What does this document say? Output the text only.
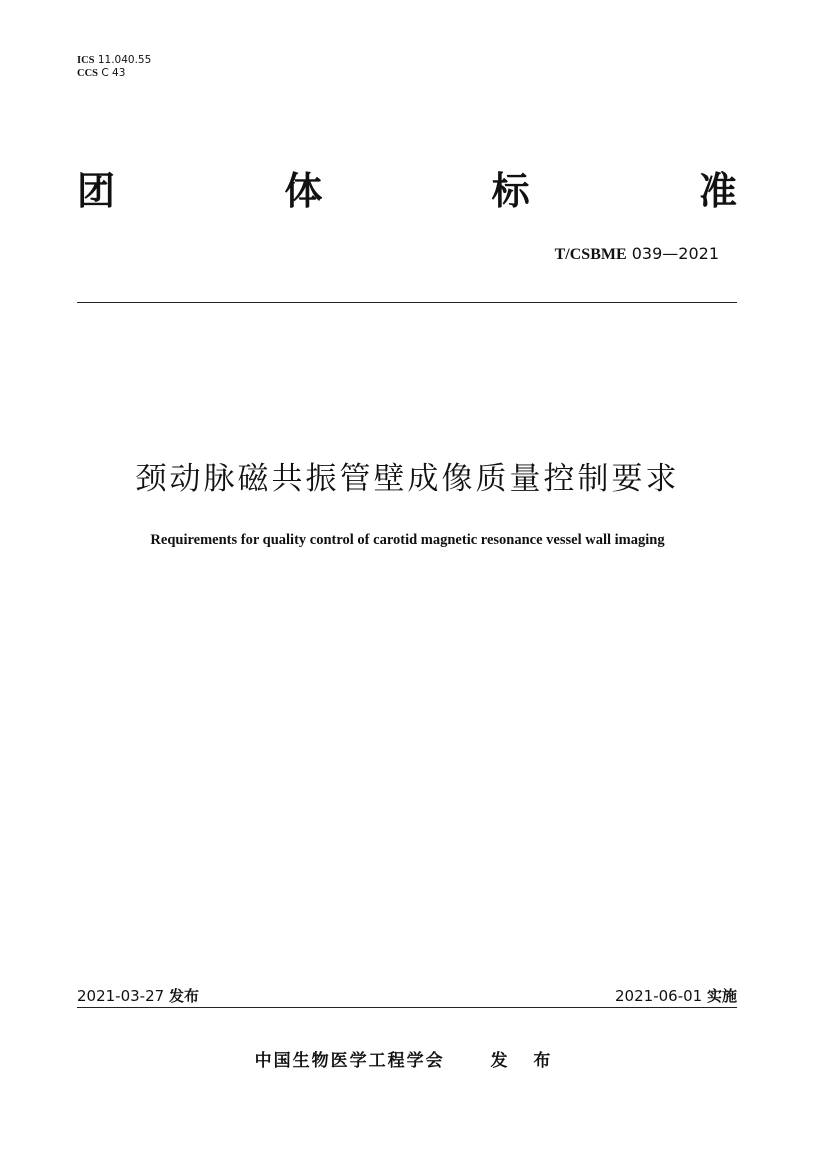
ICS 11.040.55
CCS C 43
团	体	标	准
T/CSBME 039—2021
颈动脉磁共振管壁成像质量控制要求
Requirements for quality control of carotid magnetic resonance vessel wall imaging
2021-03-27 发布	2021-06-01 实施
中国生物医学工程学会	发 布
